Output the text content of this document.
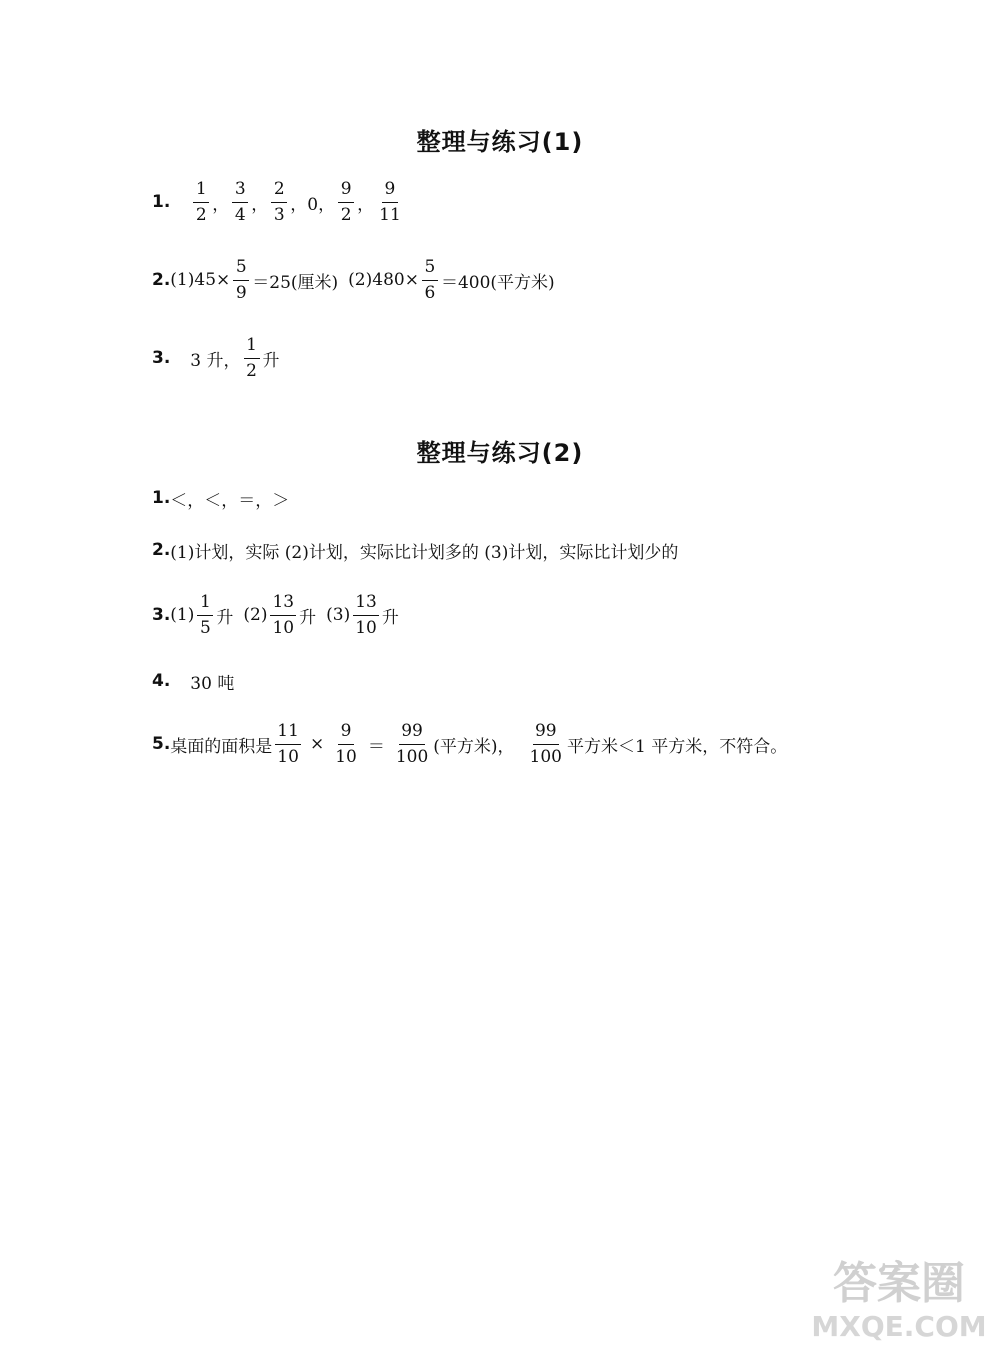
整理与练习(1)
1. $\frac{1}{2}$ ， $\frac{3}{4}$ ， $\frac{2}{3}$ ， 0， $\frac{9}{2}$ ， $\frac{9}{11}$
2. $(1)45\times \frac{5}{9} =25$(厘米) $(2)480\times \frac{5}{6} =400$(平方米)
3. 3 升， $\frac{1}{2}$ 升
整理与练习(2)
1. ＜，＜，＝，＞
2. (1)计划，实际 (2)计划，实际比计划多的 (3)计划，实际比计划少的
3. $(1) \frac{1}{5}$ 升 $(2) \frac{13}{10}$ 升 $(3) \frac{13}{10}$ 升
4. 30 吨
5. 桌面的面积是 $\frac{11}{10} \times \frac{9}{10} = \frac{99}{100}$ (平方米)， $\frac{99}{100}$ 平方米＜1 平方米，不符合。
答案圈
MXQE.COM
